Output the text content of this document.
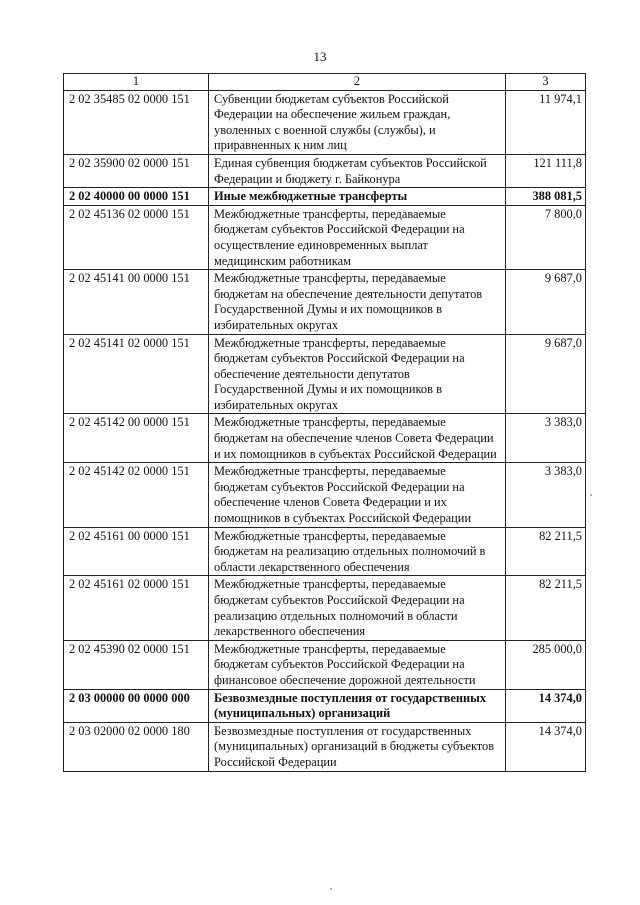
13
1	2	3
2 02 35485 02 0000 151	Субвенции бюджетам субъектов Российской Федерации на обеспечение жильем граждан, уволенных с военной службы (службы), и приравненных к ним лиц	11 974,1
2 02 35900 02 0000 151	Единая субвенция бюджетам субъектов Российской Федерации и бюджету г. Байконура	121 111,8
2 02 40000 00 0000 151	Иные межбюджетные трансферты	388 081,5
2 02 45136 02 0000 151	Межбюджетные трансферты, передаваемые бюджетам субъектов Российской Федерации на осуществление единовременных выплат медицинским работникам	7 800,0
2 02 45141 00 0000 151	Межбюджетные трансферты, передаваемые бюджетам на обеспечение деятельности депутатов Государственной Думы и их помощников в избирательных округах	9 687,0
2 02 45141 02 0000 151	Межбюджетные трансферты, передаваемые бюджетам субъектов Российской Федерации на обеспечение деятельности депутатов Государственной Думы и их помощников в избирательных округах	9 687,0
2 02 45142 00 0000 151	Межбюджетные трансферты, передаваемые бюджетам на обеспечение членов Совета Федерации и их помощников в субъектах Российской Федерации	3 383,0
2 02 45142 02 0000 151	Межбюджетные трансферты, передаваемые бюджетам субъектов Российской Федерации на обеспечение членов Совета Федерации и их помощников в субъектах Российской Федерации	3 383,0
2 02 45161 00 0000 151	Межбюджетные трансферты, передаваемые бюджетам на реализацию отдельных полномочий в области лекарственного обеспечения	82 211,5
2 02 45161 02 0000 151	Межбюджетные трансферты, передаваемые бюджетам субъектов Российской Федерации на реализацию отдельных полномочий в области лекарственного обеспечения	82 211,5
2 02 45390 02 0000 151	Межбюджетные трансферты, передаваемые бюджетам субъектов Российской Федерации на финансовое обеспечение дорожной деятельности	285 000,0
2 03 00000 00 0000 000	Безвозмездные поступления от государственных (муниципальных) организаций	14 374,0
2 03 02000 02 0000 180	Безвозмездные поступления от государственных (муниципальных) организаций в бюджеты субъектов Российской Федерации	14 374,0
